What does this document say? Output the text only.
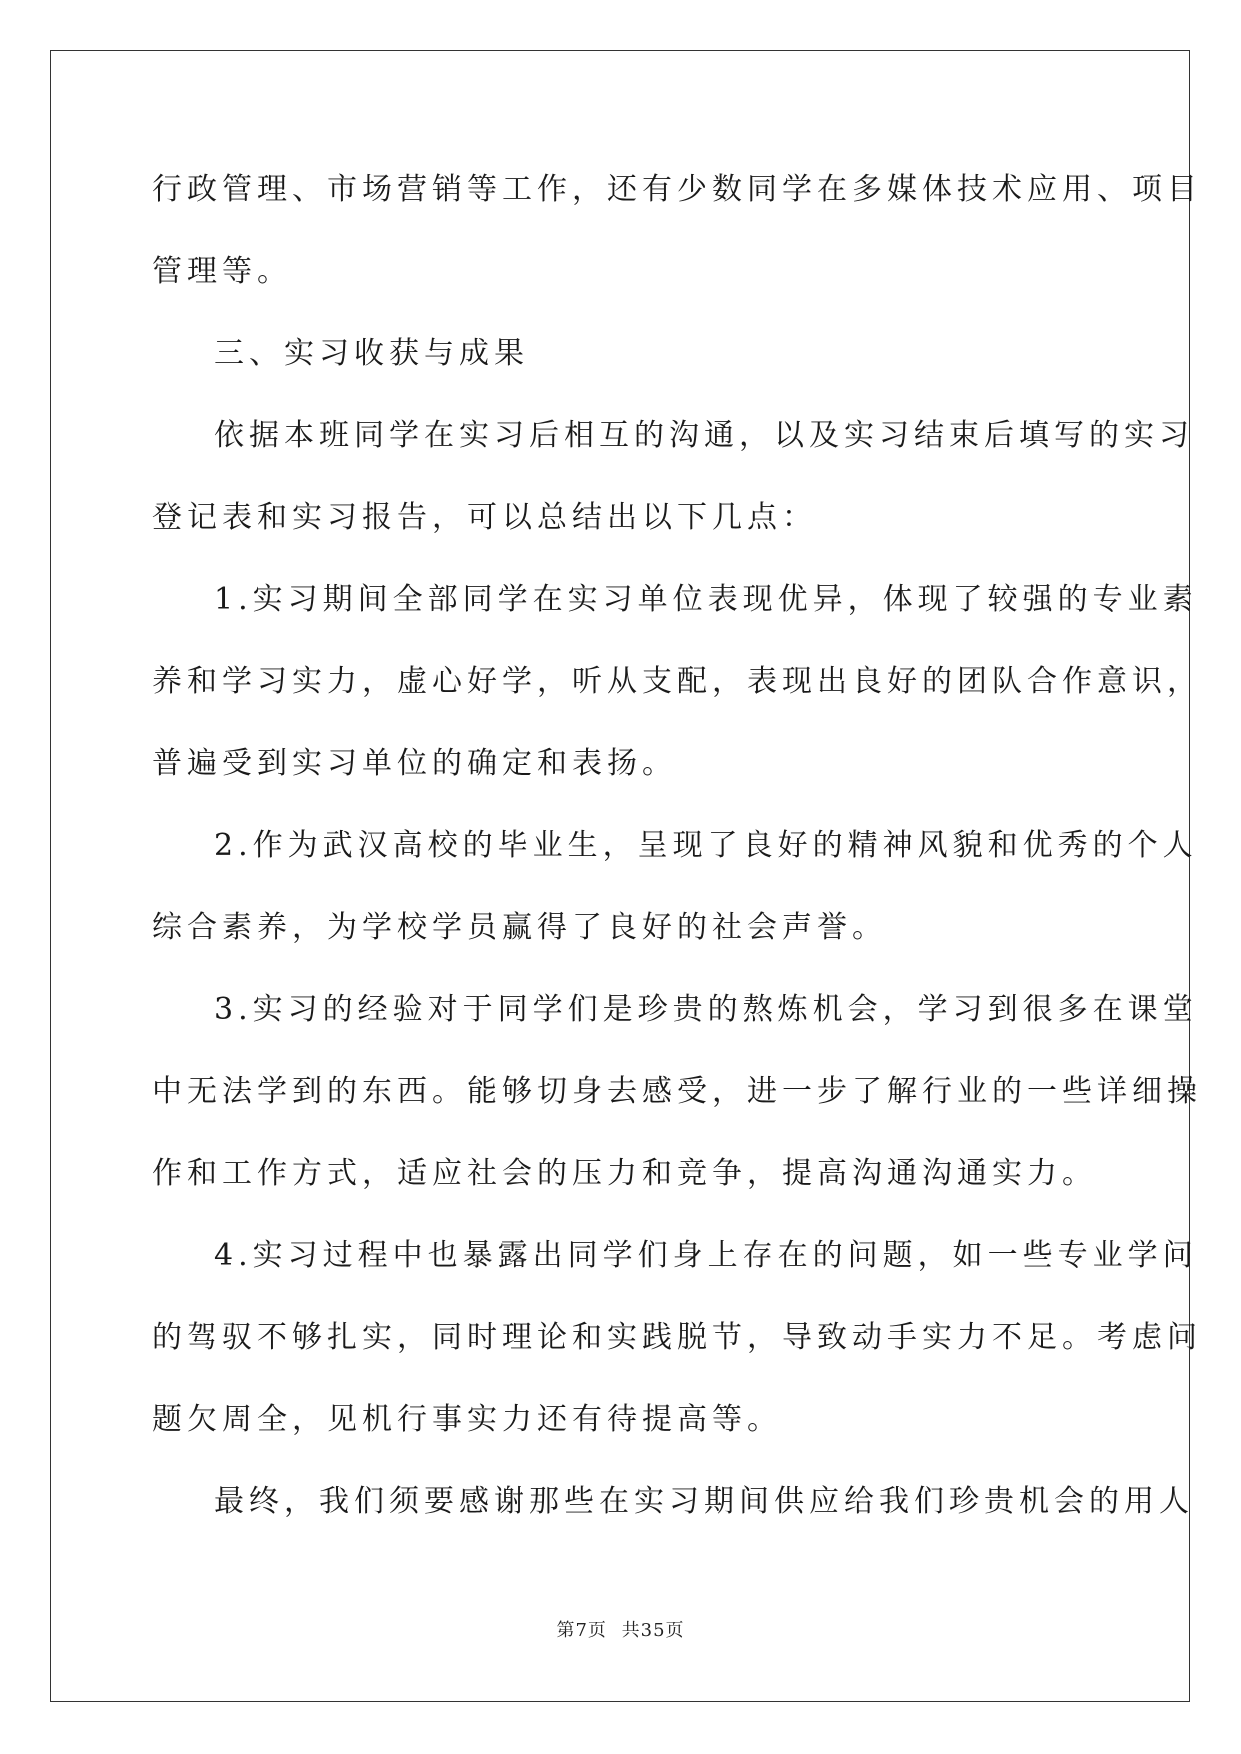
行政管理、市场营销等工作，还有少数同学在多媒体技术应用、项目
管理等。
三、实习收获与成果
依据本班同学在实习后相互的沟通，以及实习结束后填写的实习
登记表和实习报告，可以总结出以下几点：
1.实习期间全部同学在实习单位表现优异，体现了较强的专业素
养和学习实力，虚心好学，听从支配，表现出良好的团队合作意识，
普遍受到实习单位的确定和表扬。
2.作为武汉高校的毕业生，呈现了良好的精神风貌和优秀的个人
综合素养，为学校学员赢得了良好的社会声誉。
3.实习的经验对于同学们是珍贵的熬炼机会，学习到很多在课堂
中无法学到的东西。能够切身去感受，进一步了解行业的一些详细操
作和工作方式，适应社会的压力和竞争，提高沟通沟通实力。
4.实习过程中也暴露出同学们身上存在的问题，如一些专业学问
的驾驭不够扎实，同时理论和实践脱节，导致动手实力不足。考虑问
题欠周全，见机行事实力还有待提高等。
最终，我们须要感谢那些在实习期间供应给我们珍贵机会的用人
第7页 共35页
